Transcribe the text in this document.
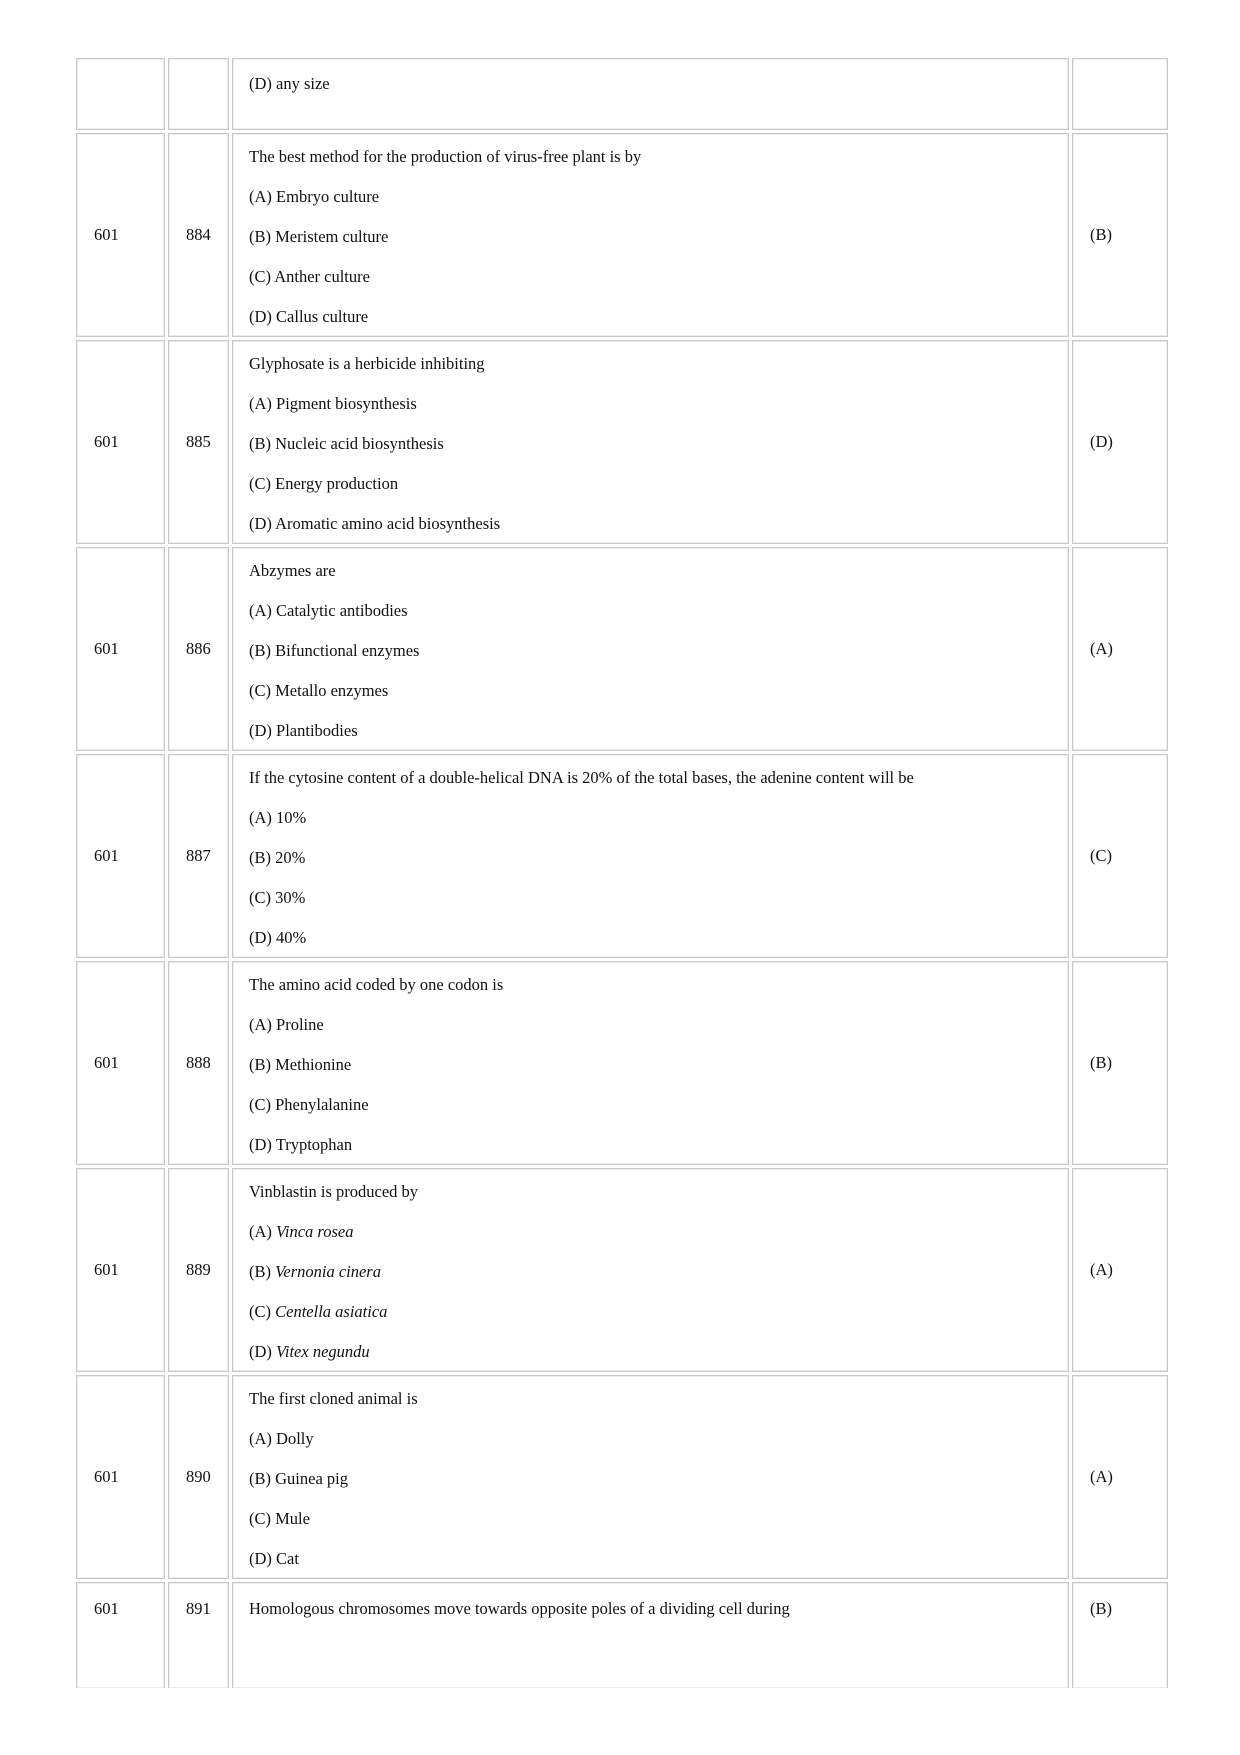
		(D) any size	

601	884	The best method for the production of virus-free plant is by
(A) Embryo culture
(B) Meristem culture
(C) Anther culture
(D) Callus culture	(B)
601	885	Glyphosate is a herbicide inhibiting
(A) Pigment biosynthesis
(B) Nucleic acid biosynthesis
(C) Energy production
(D) Aromatic amino acid biosynthesis	(D)
601	886	Abzymes are
(A) Catalytic antibodies
(B) Bifunctional enzymes
(C) Metallo enzymes
(D) Plantibodies	(A)
601	887	If the cytosine content of a double-helical DNA is 20% of the total bases, the adenine content will be
(A) 10%
(B) 20%
(C) 30%
(D) 40%	(C)
601	888	The amino acid coded by one codon is
(A) Proline
(B) Methionine
(C) Phenylalanine
(D) Tryptophan	(B)
601	889	Vinblastin is produced by
(A) Vinca rosea
(B) Vernonia cinera
(C) Centella asiatica
(D) Vitex negundu	(A)
601	890	The first cloned animal is
(A) Dolly
(B) Guinea pig
(C) Mule
(D) Cat	(A)
601	891	Homologous chromosomes move towards opposite poles of a dividing cell during	(B)
